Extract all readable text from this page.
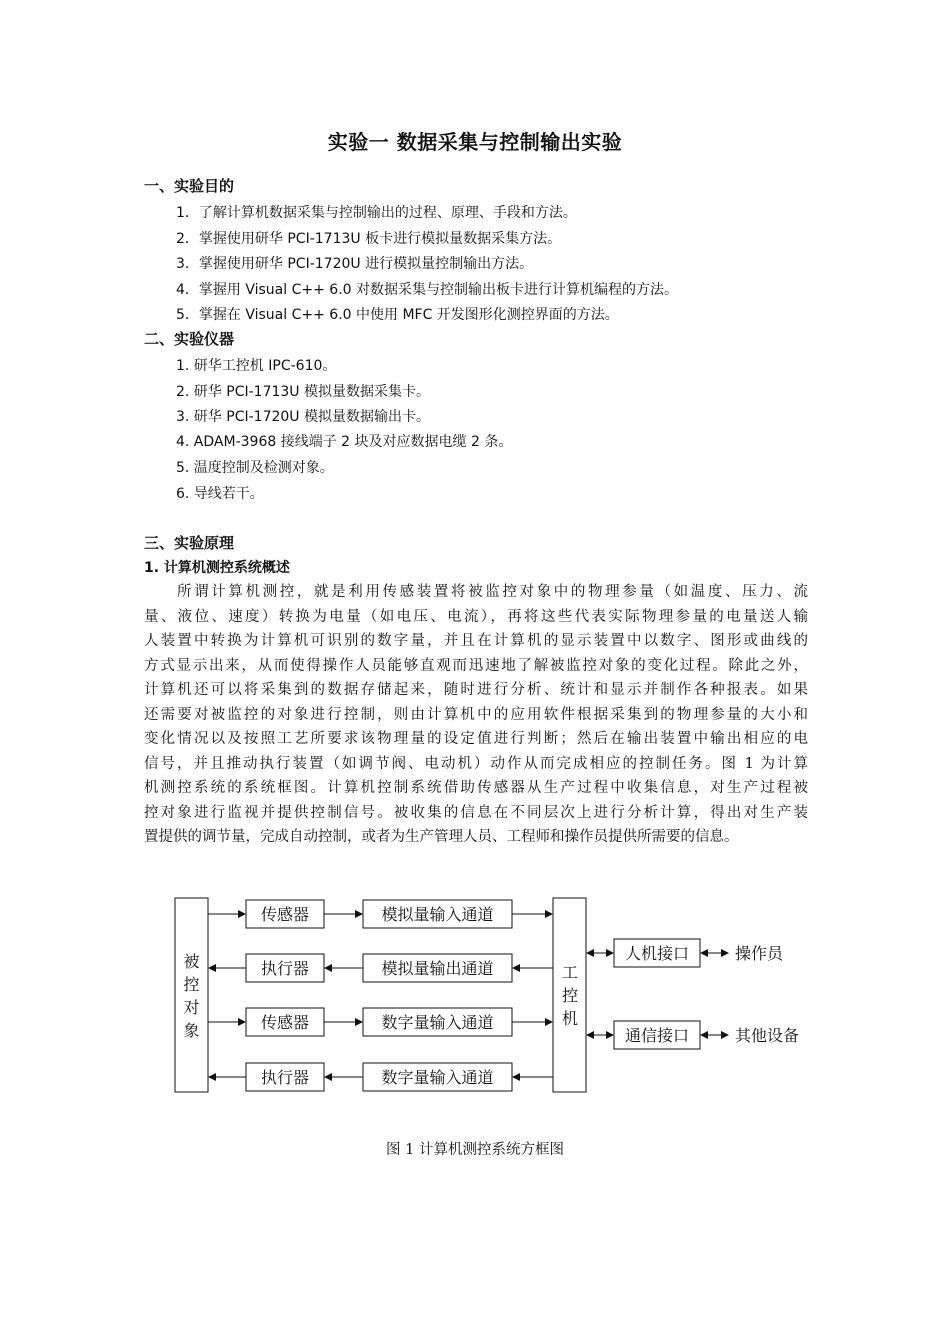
实验一 数据采集与控制输出实验
一、实验目的
1．了解计算机数据采集与控制输出的过程、原理、手段和方法。
2．掌握使用研华 PCI-1713U 板卡进行模拟量数据采集方法。
3．掌握使用研华 PCI-1720U 进行模拟量控制输出方法。
4．掌握用 Visual C++ 6.0 对数据采集与控制输出板卡进行计算机编程的方法。
5．掌握在 Visual C++ 6.0 中使用 MFC 开发图形化测控界面的方法。
二、实验仪器
1. 研华工控机 IPC-610。
2. 研华 PCI-1713U 模拟量数据采集卡。
3. 研华 PCI-1720U 模拟量数据输出卡。
4. ADAM-3968 接线端子 2 块及对应数据电缆 2 条。
5. 温度控制及检测对象。
6. 导线若干。
三、实验原理
1. 计算机测控系统概述
所谓计算机测控，就是利用传感装置将被监控对象中的物理参量（如温度、压力、流
量、液位、速度）转换为电量（如电压、电流），再将这些代表实际物理参量的电量送人输
人装置中转换为计算机可识别的数字量，并且在计算机的显示装置中以数字、图形或曲线的
方式显示出来，从而使得操作人员能够直观而迅速地了解被监控对象的变化过程。除此之外，
计算机还可以将采集到的数据存储起来，随时进行分析、统计和显示并制作各种报表。如果
还需要对被监控的对象进行控制，则由计算机中的应用软件根据采集到的物理参量的大小和
变化情况以及按照工艺所要求该物理量的设定值进行判断；然后在输出装置中输出相应的电
信号，并且推动执行装置（如调节阀、电动机）动作从而完成相应的控制任务。图 1 为计算
机测控系统的系统框图。计算机控制系统借助传感器从生产过程中收集信息，对生产过程被
控对象进行监视并提供控制信号。被收集的信息在不同层次上进行分析计算，得出对生产装
置提供的调节量，完成自动控制，或者为生产管理人员、工程师和操作员提供所需要的信息。
被
控
对
象
工
控
机
传感器	模拟量输入通道
执行器	模拟量输出通道
传感器	数字量输入通道
执行器	数字量输入通道
人机接口
通信接口
操作员
其他设备
图 1 计算机测控系统方框图
